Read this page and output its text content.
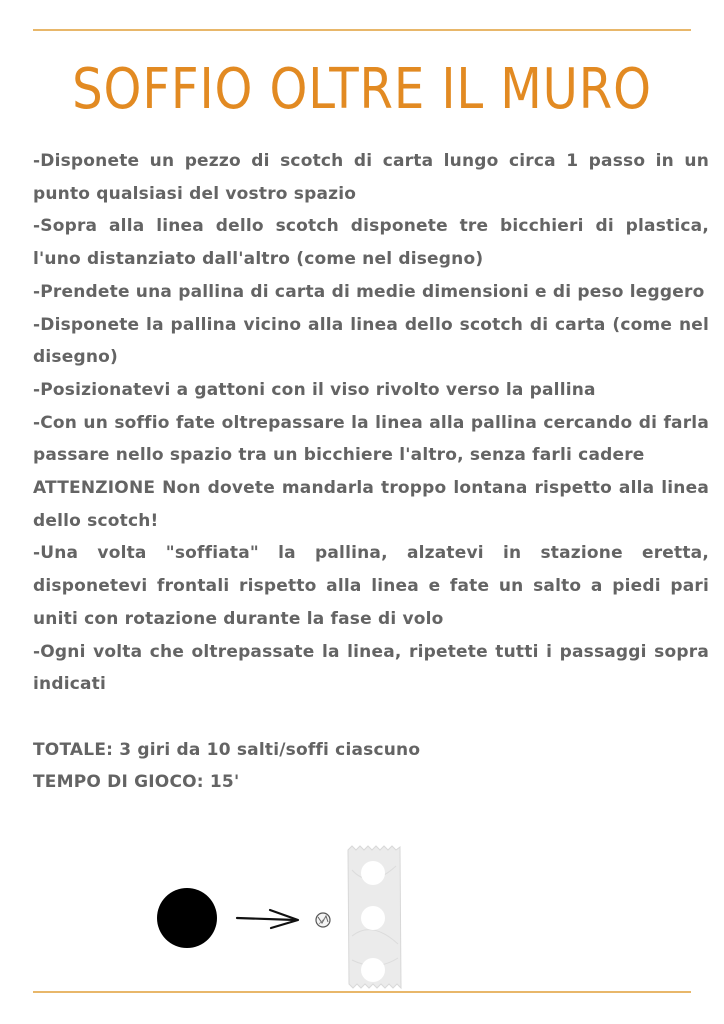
SOFFIO OLTRE IL MURO

-Disponete un pezzo di scotch di carta lungo circa 1 passo in un punto qualsiasi del vostro spazio

-Sopra alla linea dello scotch disponete tre bicchieri di plastica, l'uno distanziato dall'altro (come nel disegno)

-Prendete una pallina di carta di medie dimensioni e di peso leggero

-Disponete la pallina vicino alla linea dello scotch di carta (come nel disegno)

-Posizionatevi a gattoni con il viso rivolto verso la pallina

-Con un soffio fate oltrepassare la linea alla pallina cercando di farla passare nello spazio tra un bicchiere l'altro, senza farli cadere

ATTENZIONE Non dovete mandarla troppo lontana rispetto alla linea dello scotch!

-Una volta "soffiata" la pallina, alzatevi in stazione eretta, disponetevi frontali rispetto alla linea e fate un salto a piedi pari uniti con rotazione durante la fase di volo

-Ogni volta che oltrepassate la linea, ripetete tutti i passaggi sopra indicati

TOTALE: 3 giri da 10 salti/soffi ciascuno

TEMPO DI GIOCO: 15'
